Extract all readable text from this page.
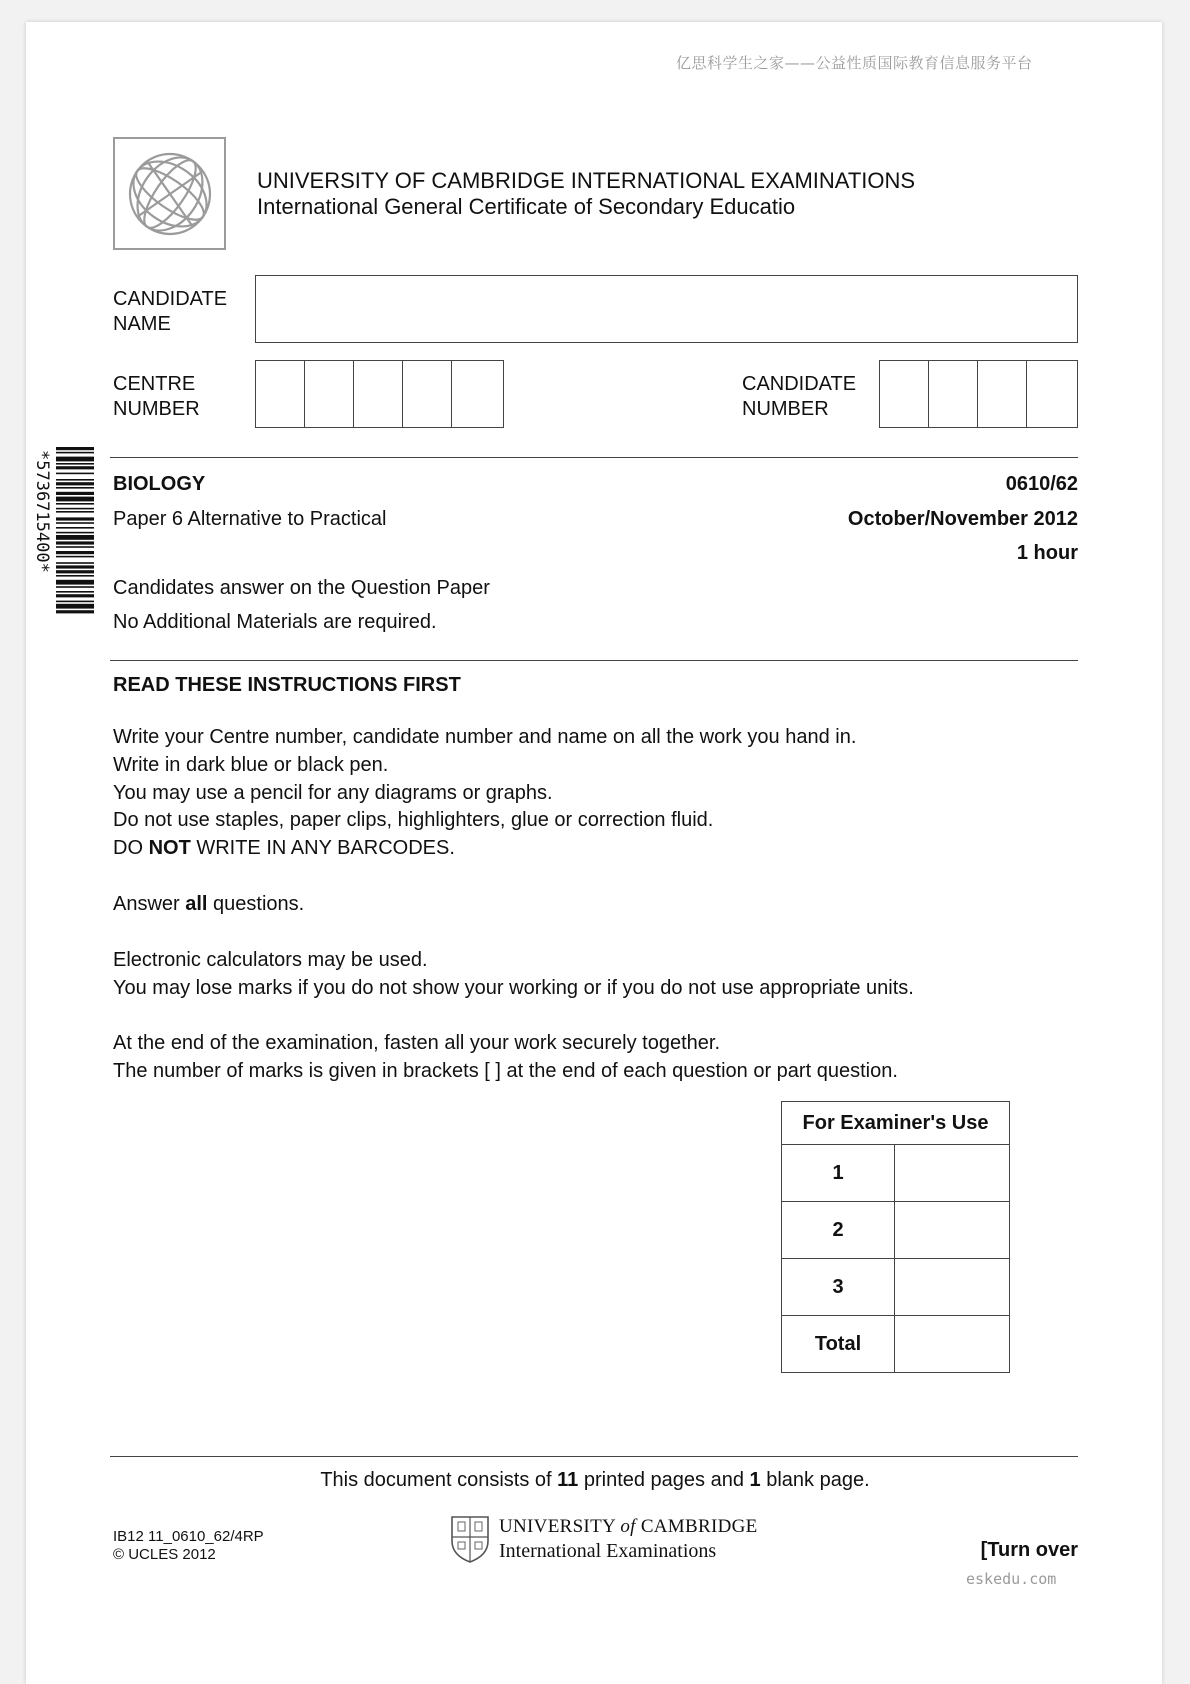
亿思科学生之家——公益性质国际教育信息服务平台
UNIVERSITY OF CAMBRIDGE INTERNATIONAL EXAMINATIONS
International General Certificate of Secondary Educatio
CANDIDATE
NAME
CENTRE
NUMBER
CANDIDATE
NUMBER
*5736715400*	BIOLOGY	0610/62
Paper 6 Alternative to Practical	October/November 2012
1 hour
Candidates answer on the Question Paper
No Additional Materials are required.
READ THESE INSTRUCTIONS FIRST

Write your Centre number, candidate number and name on all the work you hand in.

Write in dark blue or black pen.

You may use a pencil for any diagrams or graphs.

Do not use staples, paper clips, highlighters, glue or correction fluid.

DO NOT WRITE IN ANY BARCODES.

Answer all questions.

Electronic calculators may be used.

You may lose marks if you do not show your working or if you do not use appropriate units.

At the end of the examination, fasten all your work securely together.

The number of marks is given in brackets [ ] at the end of each question or part question.

For Examiner's Use	
1	
2	
3	
Total	
This document consists of 11 printed pages and 1 blank page.
IB12 11_0610_62/4RP
© UCLES 2012
UNIVERSITY of CAMBRIDGE
International Examinations	[Turn over
eskedu.com
